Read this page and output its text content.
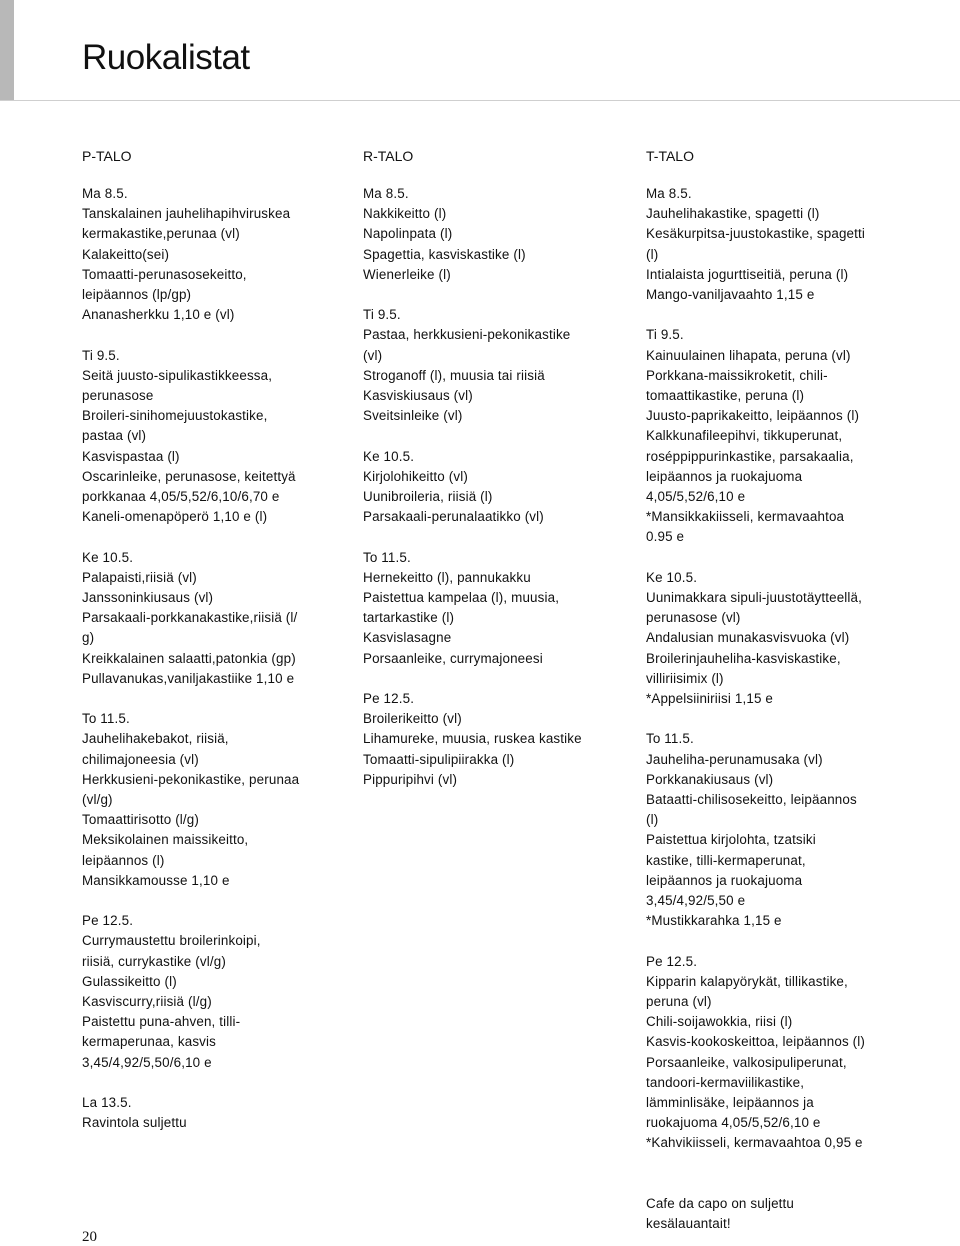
Ruokalistat
P-TALO	R-TALO	T-TALO
Ma 8.5.
Tanskalainen jauhelihapihviruskea
kermakastike,perunaa (vl)
Kalakeitto(sei)
Tomaatti-perunasosekeitto,
leipäannos (lp/gp)
Ananasherkku 1,10 e (vl)
Ti 9.5.
Seitä juusto-sipulikastikkeessa,
perunasose
Broileri-sinihomejuustokastike,
pastaa (vl)
Kasvispastaa (l)
Oscarinleike, perunasose, keitettyä
porkkanaa 4,05/5,52/6,10/6,70 e
Kaneli-omenapöperö 1,10 e (l)
Ke 10.5.
Palapaisti,riisiä (vl)
Janssoninkiusaus (vl)
Parsakaali-porkkanakastike,riisiä (l/
g)
Kreikkalainen salaatti,patonkia (gp)
Pullavanukas,vaniljakastiike 1,10 e
To 11.5.
Jauhelihakebakot, riisiä,
chilimajoneesia (vl)
Herkkusieni-pekonikastike, perunaa
(vl/g)
Tomaattirisotto (l/g)
Meksikolainen maissikeitto,
leipäannos (l)
Mansikkamousse 1,10 e
Pe 12.5.
Currymaustettu broilerinkoipi,
riisiä, currykastike (vl/g)
Gulassikeitto (l)
Kasviscurry,riisiä (l/g)
Paistettu puna-ahven, tilli-
kermaperunaa, kasvis
3,45/4,92/5,50/6,10 e
La 13.5.
Ravintola suljettu
Ma 8.5.
Nakkikeitto (l)
Napolinpata (l)
Spagettia, kasviskastike (l)
Wienerleike (l)
Ti 9.5.
Pastaa, herkkusieni-pekonikastike
(vl)
Stroganoff (l), muusia tai riisiä
Kasviskiusaus (vl)
Sveitsinleike (vl)
Ke 10.5.
Kirjolohikeitto (vl)
Uunibroileria, riisiä (l)
Parsakaali-perunalaatikko (vl)
To 11.5.
Hernekeitto (l), pannukakku
Paistettua kampelaa (l), muusia,
tartarkastike (l)
Kasvislasagne
Porsaanleike, currymajoneesi
Pe 12.5.
Broilerikeitto (vl)
Lihamureke, muusia, ruskea kastike
Tomaatti-sipulipiirakka (l)
Pippuripihvi (vl)
Ma 8.5.
Jauhelihakastike, spagetti (l)
Kesäkurpitsa-juustokastike, spagetti
(l)
Intialaista jogurttiseitiä, peruna (l)
Mango-vaniljavaahto 1,15 e
Ti 9.5.
Kainuulainen lihapata, peruna (vl)
Porkkana-maissikroketit, chili-
tomaattikastike, peruna (l)
Juusto-paprikakeitto, leipäannos (l)
Kalkkunafileepihvi, tikkuperunat,
roséppippurinkastike, parsakaalia,
leipäannos ja ruokajuoma
4,05/5,52/6,10 e
*Mansikkakiisseli, kermavaahtoa
0.95 e
Ke 10.5.
Uunimakkara sipuli-juustotäytteellä,
perunasose (vl)
Andalusian munakasvisvuoka (vl)
Broilerinjauheliha-kasviskastike,
villiriisimix (l)
*Appelsiiniriisi 1,15 e
To 11.5.
Jauheliha-perunamusaka (vl)
Porkkanakiusaus (vl)
Bataatti-chilisosekeitto, leipäannos
(l)
Paistettua kirjolohta, tzatsiki
kastike, tilli-kermaperunat,
leipäannos ja ruokajuoma
3,45/4,92/5,50 e
*Mustikkarahka 1,15 e
Pe 12.5.
Kipparin kalapyörykät, tillikastike,
peruna (vl)
Chili-soijawokkia, riisi (l)
Kasvis-kookoskeittoa, leipäannos (l)
Porsaanleike, valkosipuliperunat,
tandoori-kermaviilikastike,
lämminlisäke, leipäannos ja
ruokajuoma 4,05/5,52/6,10 e
*Kahvikiisseli, kermavaahtoa 0,95 e
Cafe da capo on suljettu
kesälauantait!
20
